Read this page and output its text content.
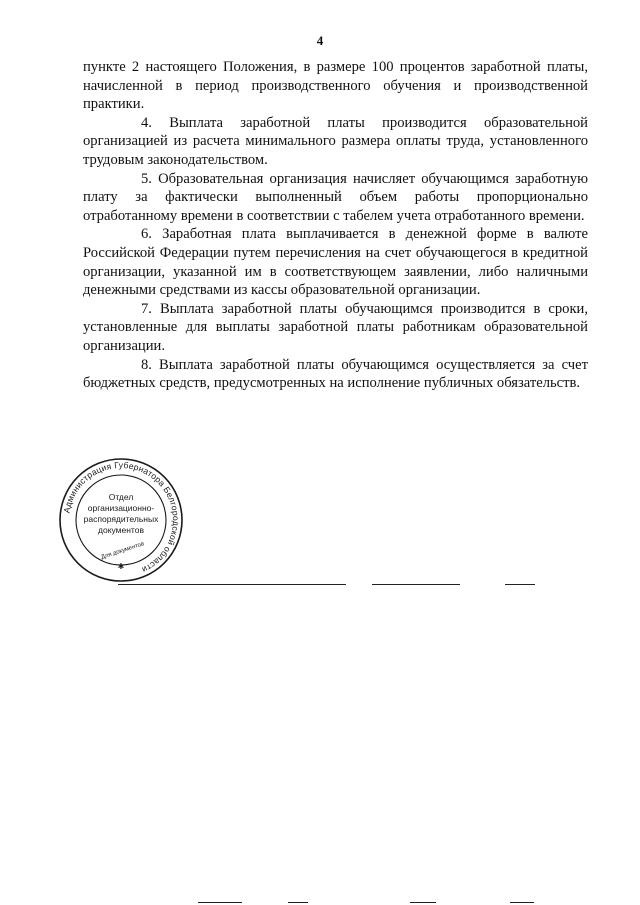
4

пункте 2 настоящего Положения, в размере 100 процентов заработной платы, начисленной в период производственного обучения и производственной практики.

4. Выплата заработной платы производится образовательной организацией из расчета минимального размера оплаты труда, установленного трудовым законодательством.

5. Образовательная организация начисляет обучающимся заработную плату за фактически выполненный объем работы пропорционально отработанному времени в соответствии с табелем учета отработанного времени.

6. Заработная плата выплачивается в денежной форме в валюте Российской Федерации путем перечисления на счет обучающегося в кредитной организации, указанной им в соответствующем заявлении, либо наличными денежными средствами из кассы образовательной организации.

7. Выплата заработной платы обучающимся производится в сроки, установленные для выплаты заработной платы работникам образовательной организации.

8. Выплата заработной платы обучающимся осуществляется за счет бюджетных средств, предусмотренных на исполнение публичных обязательств.

Администрация Губернатора Белгородской области
Отдел
организационно-
распорядительных
документов
Для документов
✱
